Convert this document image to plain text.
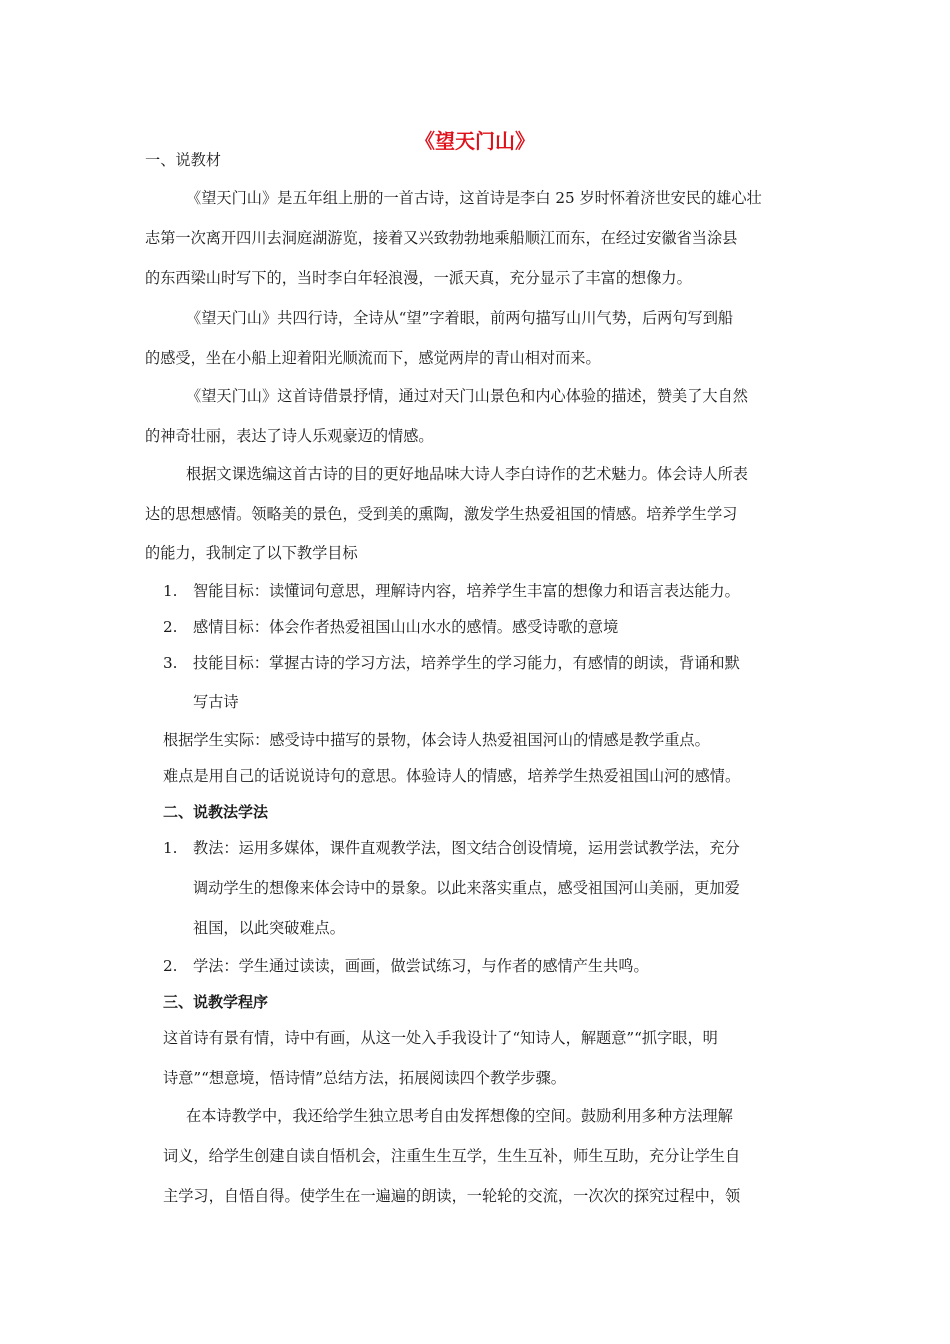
《望天门山》
一、说教材
《望天门山》是五年组上册的一首古诗，这首诗是李白 25 岁时怀着济世安民的雄心壮
志第一次离开四川去洞庭湖游览，接着又兴致勃勃地乘船顺江而东，在经过安徽省当涂县
的东西梁山时写下的，当时李白年轻浪漫，一派天真，充分显示了丰富的想像力。
《望天门山》共四行诗，全诗从“望”字着眼，前两句描写山川气势，后两句写到船
的感受，坐在小船上迎着阳光顺流而下，感觉两岸的青山相对而来。
《望天门山》这首诗借景抒情，通过对天门山景色和内心体验的描述，赞美了大自然
的神奇壮丽，表达了诗人乐观豪迈的情感。
根据文课选编这首古诗的目的更好地品味大诗人李白诗作的艺术魅力。体会诗人所表
达的思想感情。领略美的景色，受到美的熏陶，激发学生热爱祖国的情感。培养学生学习
的能力，我制定了以下教学目标
1. 智能目标：读懂词句意思，理解诗内容，培养学生丰富的想像力和语言表达能力。
2. 感情目标：体会作者热爱祖国山山水水的感情。感受诗歌的意境
3. 技能目标：掌握古诗的学习方法，培养学生的学习能力，有感情的朗读，背诵和默
写古诗
根据学生实际：感受诗中描写的景物，体会诗人热爱祖国河山的情感是教学重点。
难点是用自己的话说说诗句的意思。体验诗人的情感，培养学生热爱祖国山河的感情。
二、说教法学法
1. 教法：运用多媒体，课件直观教学法，图文结合创设情境，运用尝试教学法，充分
调动学生的想像来体会诗中的景象。以此来落实重点，感受祖国河山美丽，更加爱
祖国，以此突破难点。
2. 学法：学生通过读读，画画，做尝试练习，与作者的感情产生共鸣。
三、说教学程序
这首诗有景有情，诗中有画，从这一处入手我设计了“知诗人，解题意”“抓字眼，明
诗意”“想意境，悟诗情”总结方法，拓展阅读四个教学步骤。
在本诗教学中，我还给学生独立思考自由发挥想像的空间。鼓励利用多种方法理解
词义，给学生创建自读自悟机会，注重生生互学，生生互补，师生互助，充分让学生自
主学习，自悟自得。使学生在一遍遍的朗读，一轮轮的交流，一次次的探究过程中，领
